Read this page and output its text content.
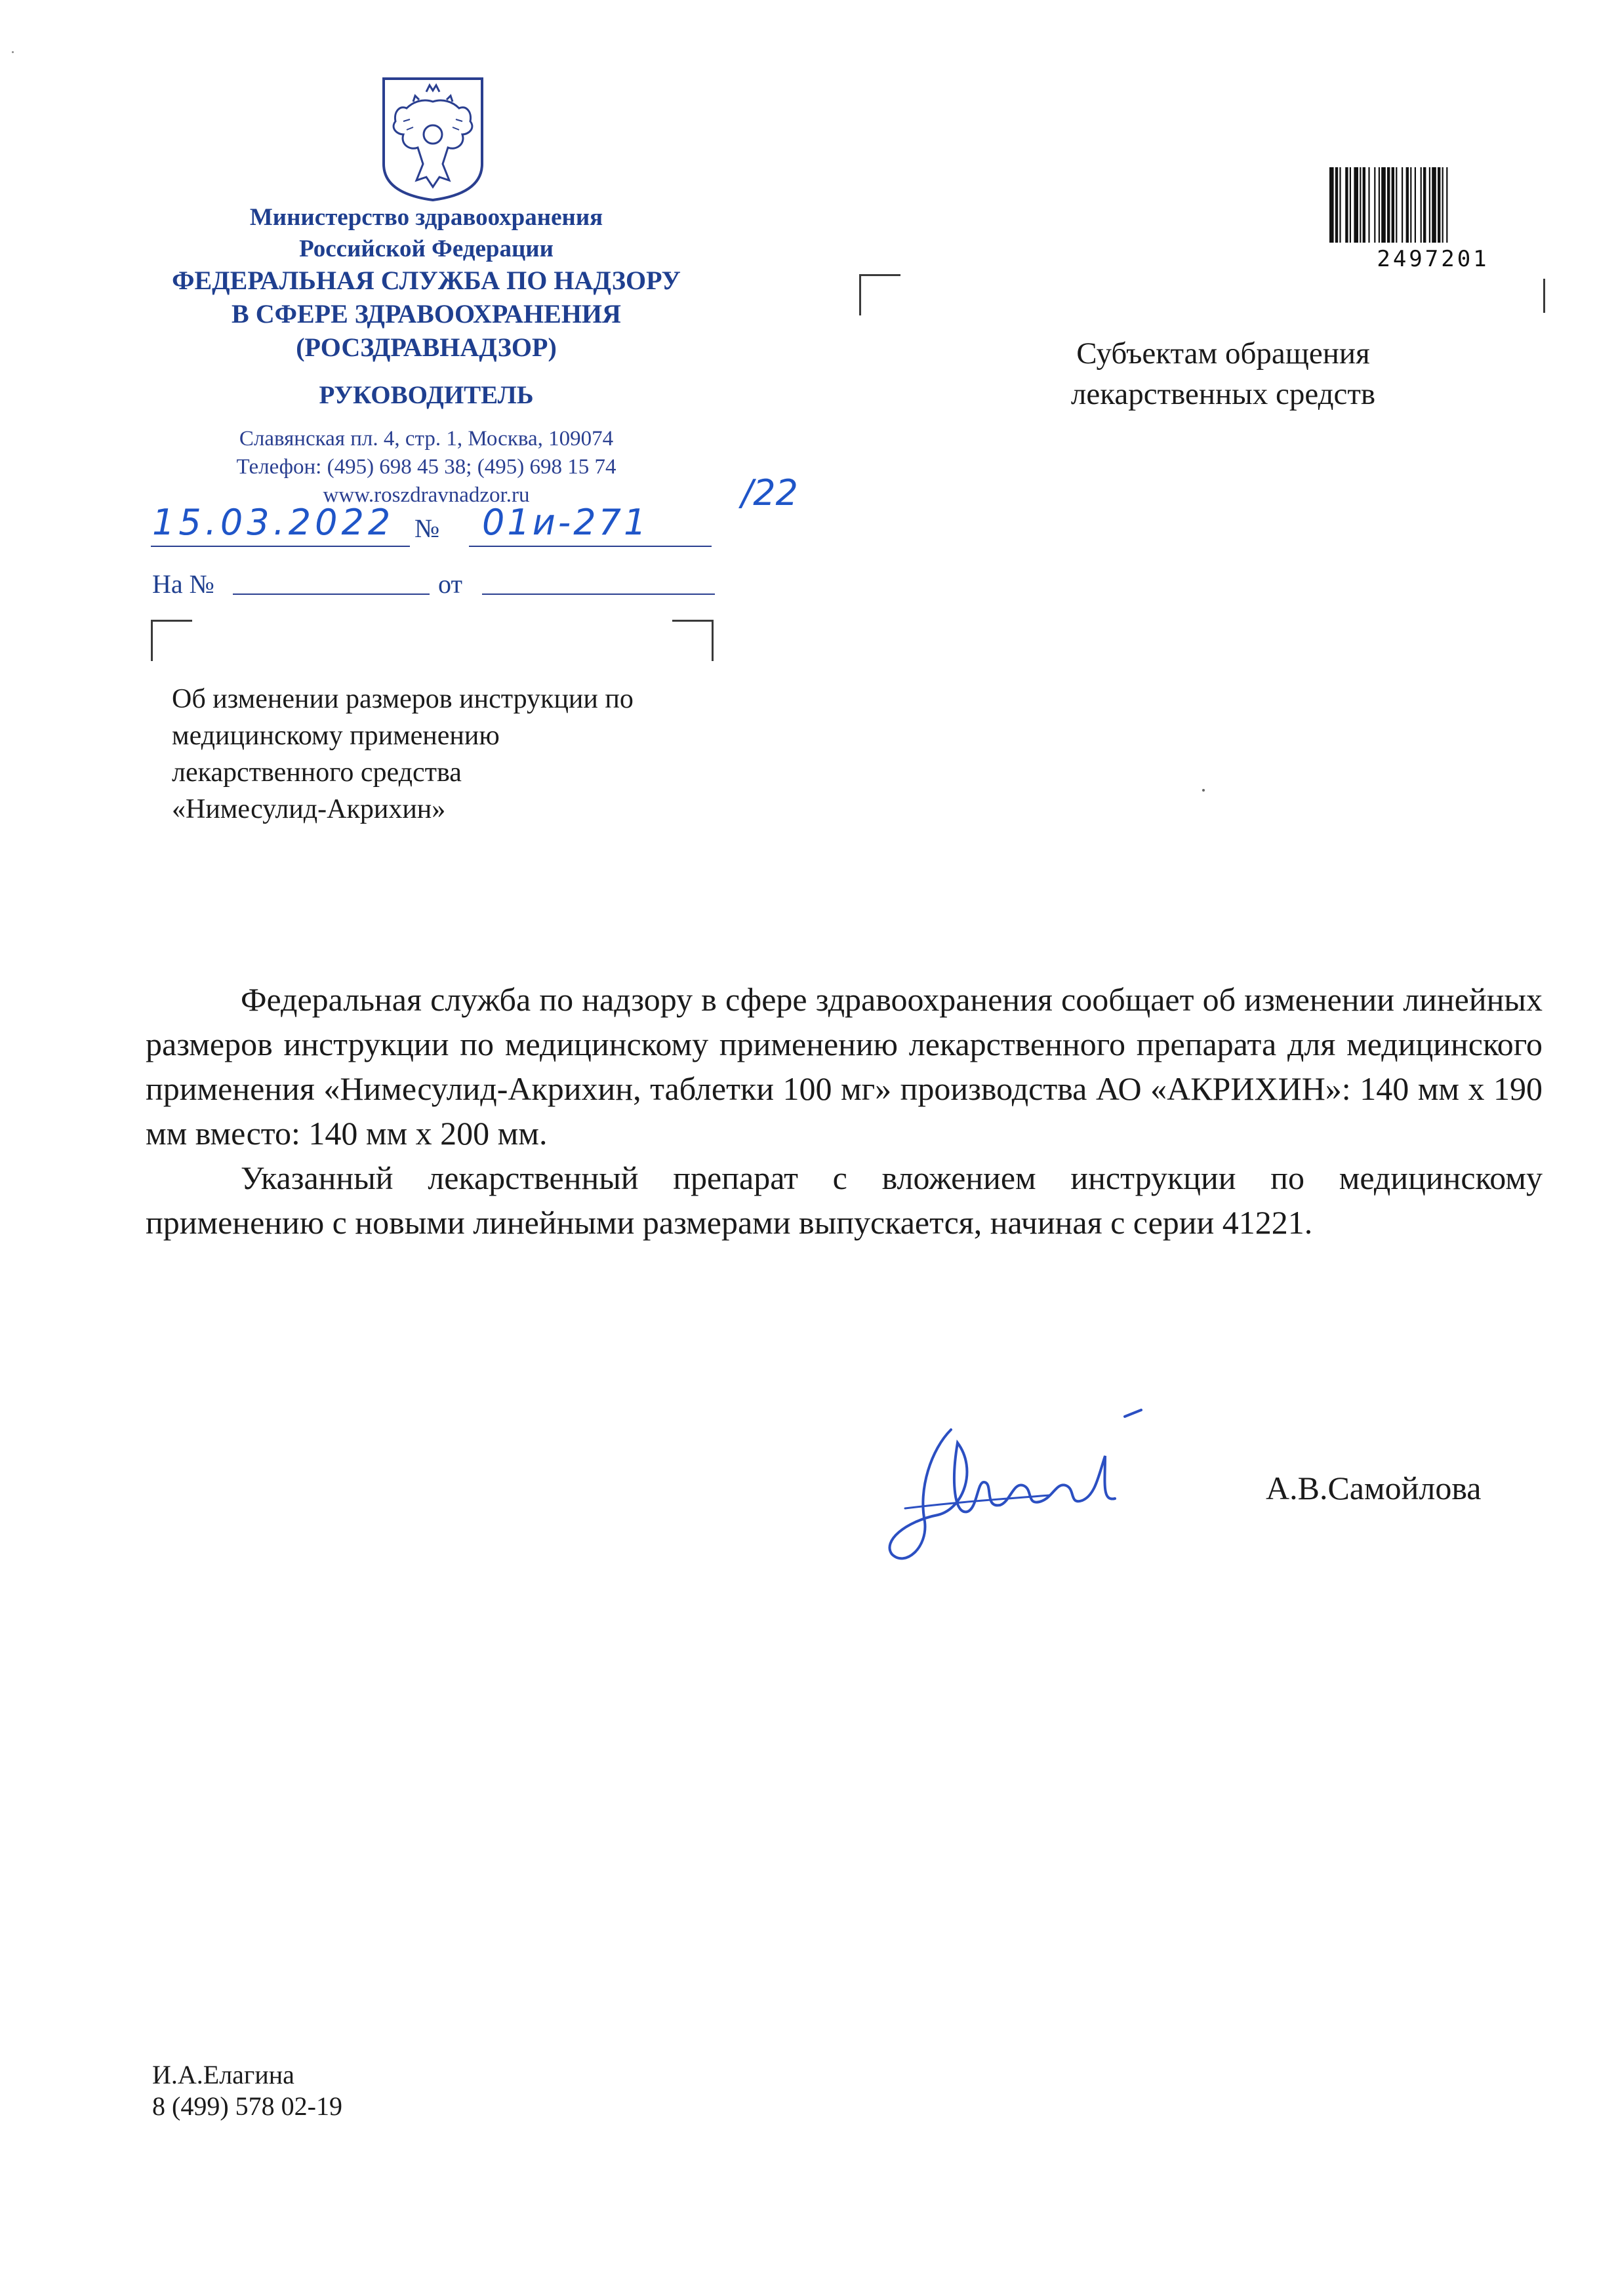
Министерство здравоохранения
Российской Федерации
ФЕДЕРАЛЬНАЯ СЛУЖБА ПО НАДЗОРУ
В СФЕРЕ ЗДРАВООХРАНЕНИЯ
(РОСЗДРАВНАДЗОР)
РУКОВОДИТЕЛЬ
Славянская пл. 4, стр. 1, Москва, 109074
Телефон: (495) 698 45 38; (495) 698 15 74
www.roszdravnadzor.ru
15.03.2022 № 01и-271
/22
На №	от
2497201
Субъектам обращения
лекарственных средств
Об изменении размеров инструкции по
медицинскому применению
лекарственного средства
«Нимесулид-Акрихин»

Федеральная служба по надзору в сфере здравоохранения сообщает об изменении линейных размеров инструкции по медицинскому применению лекарственного препарата для медицинского применения «Нимесулид-Акрихин, таблетки 100 мг» производства АО «АКРИХИН»: 140 мм х 190 мм вместо: 140 мм х 200 мм.

Указанный лекарственный препарат с вложением инструкции по медицинскому применению с новыми линейными размерами выпускается, начиная с серии 41221.

А.В.Самойлова
И.А.Елагина
8 (499) 578 02-19
